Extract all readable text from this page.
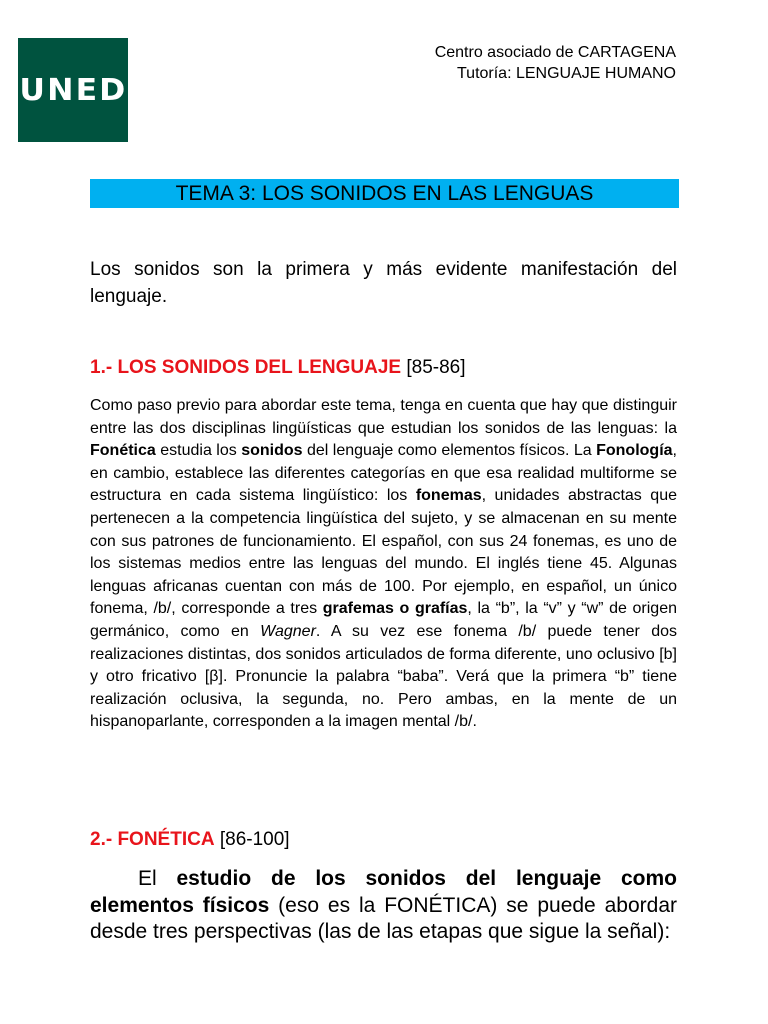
UNED
Centro asociado de CARTAGENA
Tutoría: LENGUAJE HUMANO
TEMA 3: LOS SONIDOS EN LAS LENGUAS
Los sonidos son la primera y más evidente manifestación del lenguaje.
1.- LOS SONIDOS DEL LENGUAJE [85-86]
Como paso previo para abordar este tema, tenga en cuenta que hay que distinguir entre las dos disciplinas lingüísticas que estudian los sonidos de las lenguas: la Fonética estudia los sonidos del lenguaje como elementos físicos. La Fonología, en cambio, establece las diferentes categorías en que esa realidad multiforme se estructura en cada sistema lingüístico: los fonemas, unidades abstractas que pertenecen a la competencia lingüística del sujeto, y se almacenan en su mente con sus patrones de funcionamiento. El español, con sus 24 fonemas, es uno de los sistemas medios entre las lenguas del mundo. El inglés tiene 45. Algunas lenguas africanas cuentan con más de 100. Por ejemplo, en español, un único fonema, /b/, corresponde a tres grafemas o grafías, la “b”, la “v” y “w” de origen germánico, como en Wagner. A su vez ese fonema /b/ puede tener dos realizaciones distintas, dos sonidos articulados de forma diferente, uno oclusivo [b] y otro fricativo [β]. Pronuncie la palabra “baba”. Verá que la primera “b” tiene realización oclusiva, la segunda, no. Pero ambas, en la mente de un hispanoparlante, corresponden a la imagen mental /b/.
2.- FONÉTICA [86-100]
El estudio de los sonidos del lenguaje como elementos físicos (eso es la FONÉTICA) se puede abordar desde tres perspectivas (las de las etapas que sigue la señal):
